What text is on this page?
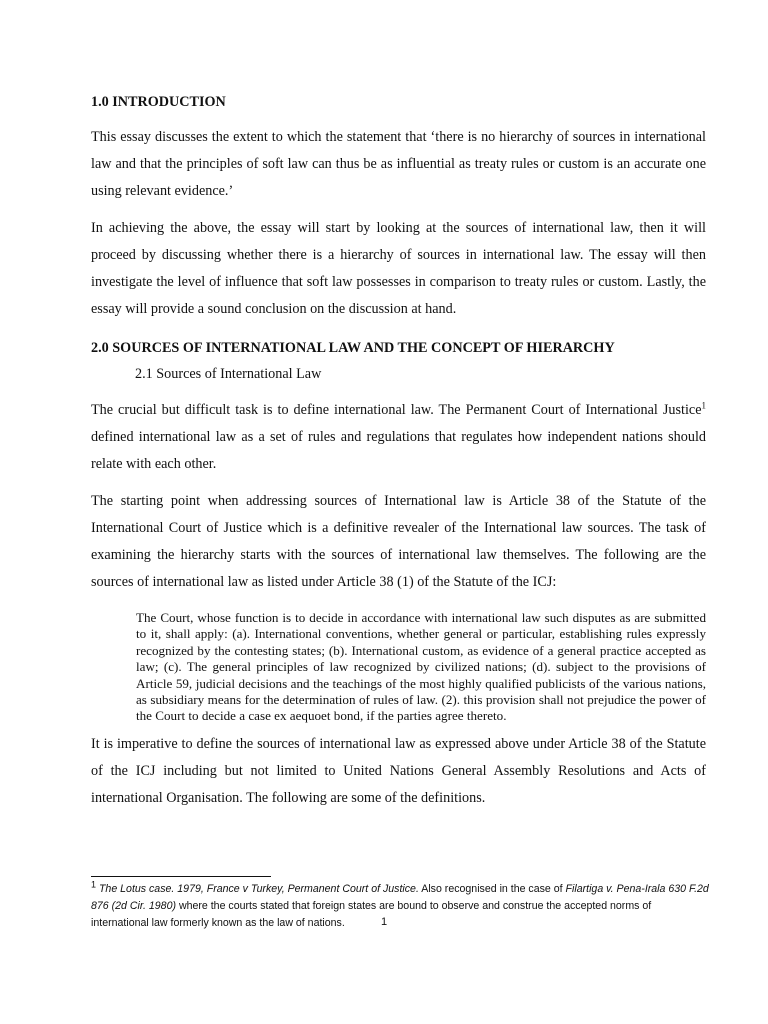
1.0 INTRODUCTION
This essay discusses the extent to which the statement that ‘there is no hierarchy of sources in international law and that the principles of soft law can thus be as influential as treaty rules or custom is an accurate one using relevant evidence.’
In achieving the above, the essay will start by looking at the sources of international law, then it will proceed by discussing whether there is a hierarchy of sources in international law. The essay will then investigate the level of influence that soft law possesses in comparison to treaty rules or custom. Lastly, the essay will provide a sound conclusion on the discussion at hand.
2.0 SOURCES OF INTERNATIONAL LAW AND THE CONCEPT OF HIERARCHY
2.1 Sources of International Law
The crucial but difficult task is to define international law. The Permanent Court of International Justice$^1$ defined international law as a set of rules and regulations that regulates how independent nations should relate with each other.
The starting point when addressing sources of International law is Article 38 of the Statute of the International Court of Justice which is a definitive revealer of the International law sources. The task of examining the hierarchy starts with the sources of international law themselves. The following are the sources of international law as listed under Article 38 (1) of the Statute of the ICJ:
The Court, whose function is to decide in accordance with international law such disputes as are submitted to it, shall apply: (a). International conventions, whether general or particular, establishing rules expressly recognized by the contesting states; (b). International custom, as evidence of a general practice accepted as law; (c). The general principles of law recognized by civilized nations; (d). subject to the provisions of Article 59, judicial decisions and the teachings of the most highly qualified publicists of the various nations, as subsidiary means for the determination of rules of law. (2). this provision shall not prejudice the power of the Court to decide a case ex aequoet bond, if the parties agree thereto.
It is imperative to define the sources of international law as expressed above under Article 38 of the Statute of the ICJ including but not limited to United Nations General Assembly Resolutions and Acts of international Organisation. The following are some of the definitions.
$^1$ The Lotus case. 1979, France v Turkey, Permanent Court of Justice. Also recognised in the case of Filartiga v. Pena-Irala 630 F.2d 876 (2d Cir. 1980) where the courts stated that foreign states are bound to observe and construe the accepted norms of international law formerly known as the law of nations.	1
